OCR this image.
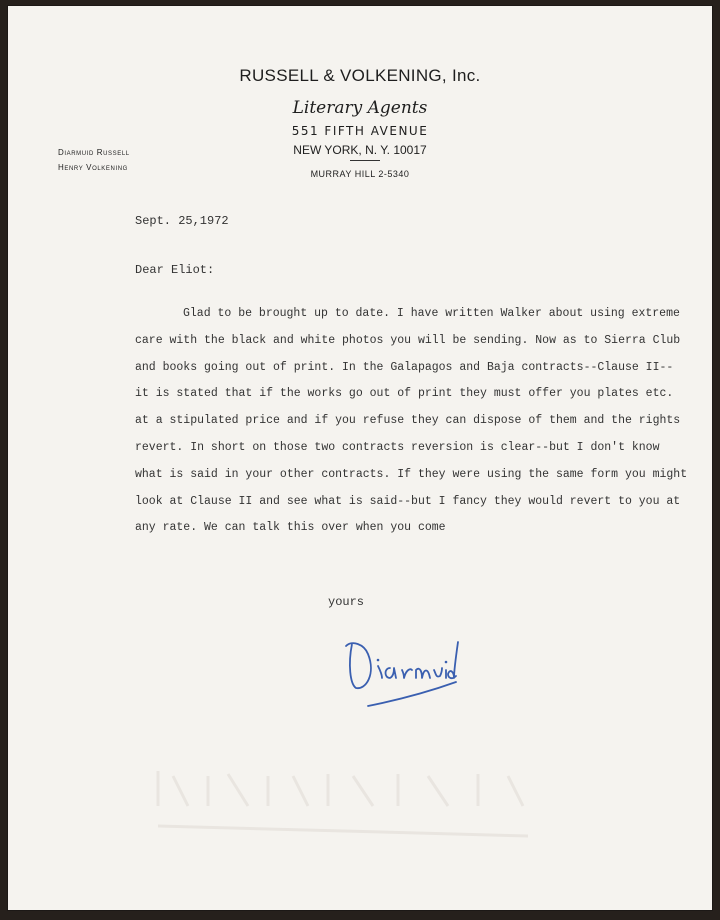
RUSSELL & VOLKENING, Inc.
Literary Agents
551 FIFTH AVENUE
NEW YORK, N. Y. 10017
MURRAY HILL 2-5340
Diarmuid Russell
Henry Volkening
Sept. 25,1972
Dear Eliot:
Glad to be brought up to date. I have written Walker about using extreme
care with the black and white photos you will be sending. Now as to Sierra Club
and books going out of print. In the Galapagos and Baja contracts--Clause II--
it is stated that if the works go out of print they must offer you plates etc.
at a stipulated price and if you refuse they can dispose of them and the rights
revert. In short on those two contracts reversion is clear--but I don't know
what is said in your other contracts. If they were using the same form you might
look at Clause II and see what is said--but I fancy they would revert to you at
any rate. We can talk this over when you come
yours
